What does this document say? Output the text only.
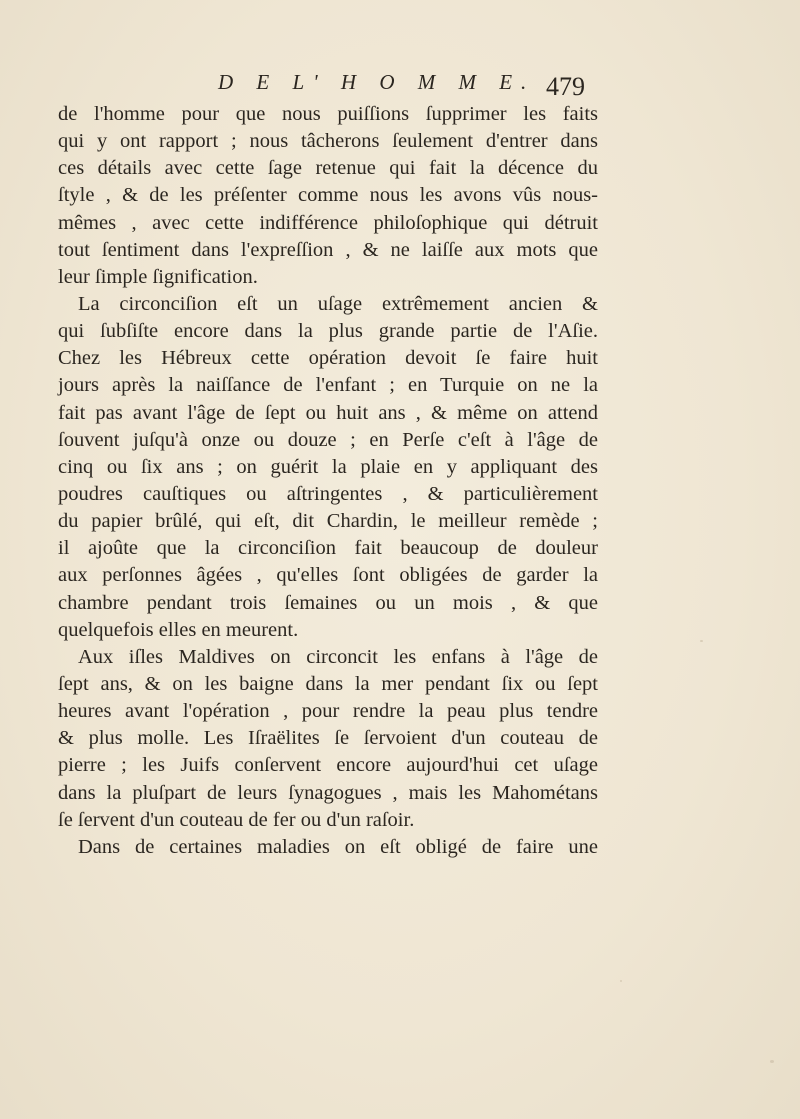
D E L' H O M M E. 479
de l'homme pour que nous puiſſions ſupprimer les faits
qui y ont rapport ; nous tâcherons ſeulement d'entrer dans
ces détails avec cette ſage retenue qui fait la décence du
ſtyle , & de les préſenter comme nous les avons vûs nous-
mêmes , avec cette indifférence philoſophique qui détruit
tout ſentiment dans l'expreſſion , & ne laiſſe aux mots que
leur ſimple ſignification.
La circonciſion eſt un uſage extrêmement ancien &
qui ſubſiſte encore dans la plus grande partie de l'Aſie.
Chez les Hébreux cette opération devoit ſe faire huit
jours après la naiſſance de l'enfant ; en Turquie on ne la
fait pas avant l'âge de ſept ou huit ans , & même on attend
ſouvent juſqu'à onze ou douze ; en Perſe c'eſt à l'âge de
cinq ou ſix ans ; on guérit la plaie en y appliquant des
poudres cauſtiques ou aſtringentes , & particulièrement
du papier brûlé, qui eſt, dit Chardin, le meilleur remède ;
il ajoûte que la circonciſion fait beaucoup de douleur
aux perſonnes âgées , qu'elles ſont obligées de garder la
chambre pendant trois ſemaines ou un mois , & que
quelquefois elles en meurent.
Aux iſles Maldives on circoncit les enfans à l'âge de
ſept ans, & on les baigne dans la mer pendant ſix ou ſept
heures avant l'opération , pour rendre la peau plus tendre
& plus molle. Les Iſraëlites ſe ſervoient d'un couteau de
pierre ; les Juifs conſervent encore aujourd'hui cet uſage
dans la pluſpart de leurs ſynagogues , mais les Mahométans
ſe ſervent d'un couteau de fer ou d'un raſoir.
Dans de certaines maladies on eſt obligé de faire une
